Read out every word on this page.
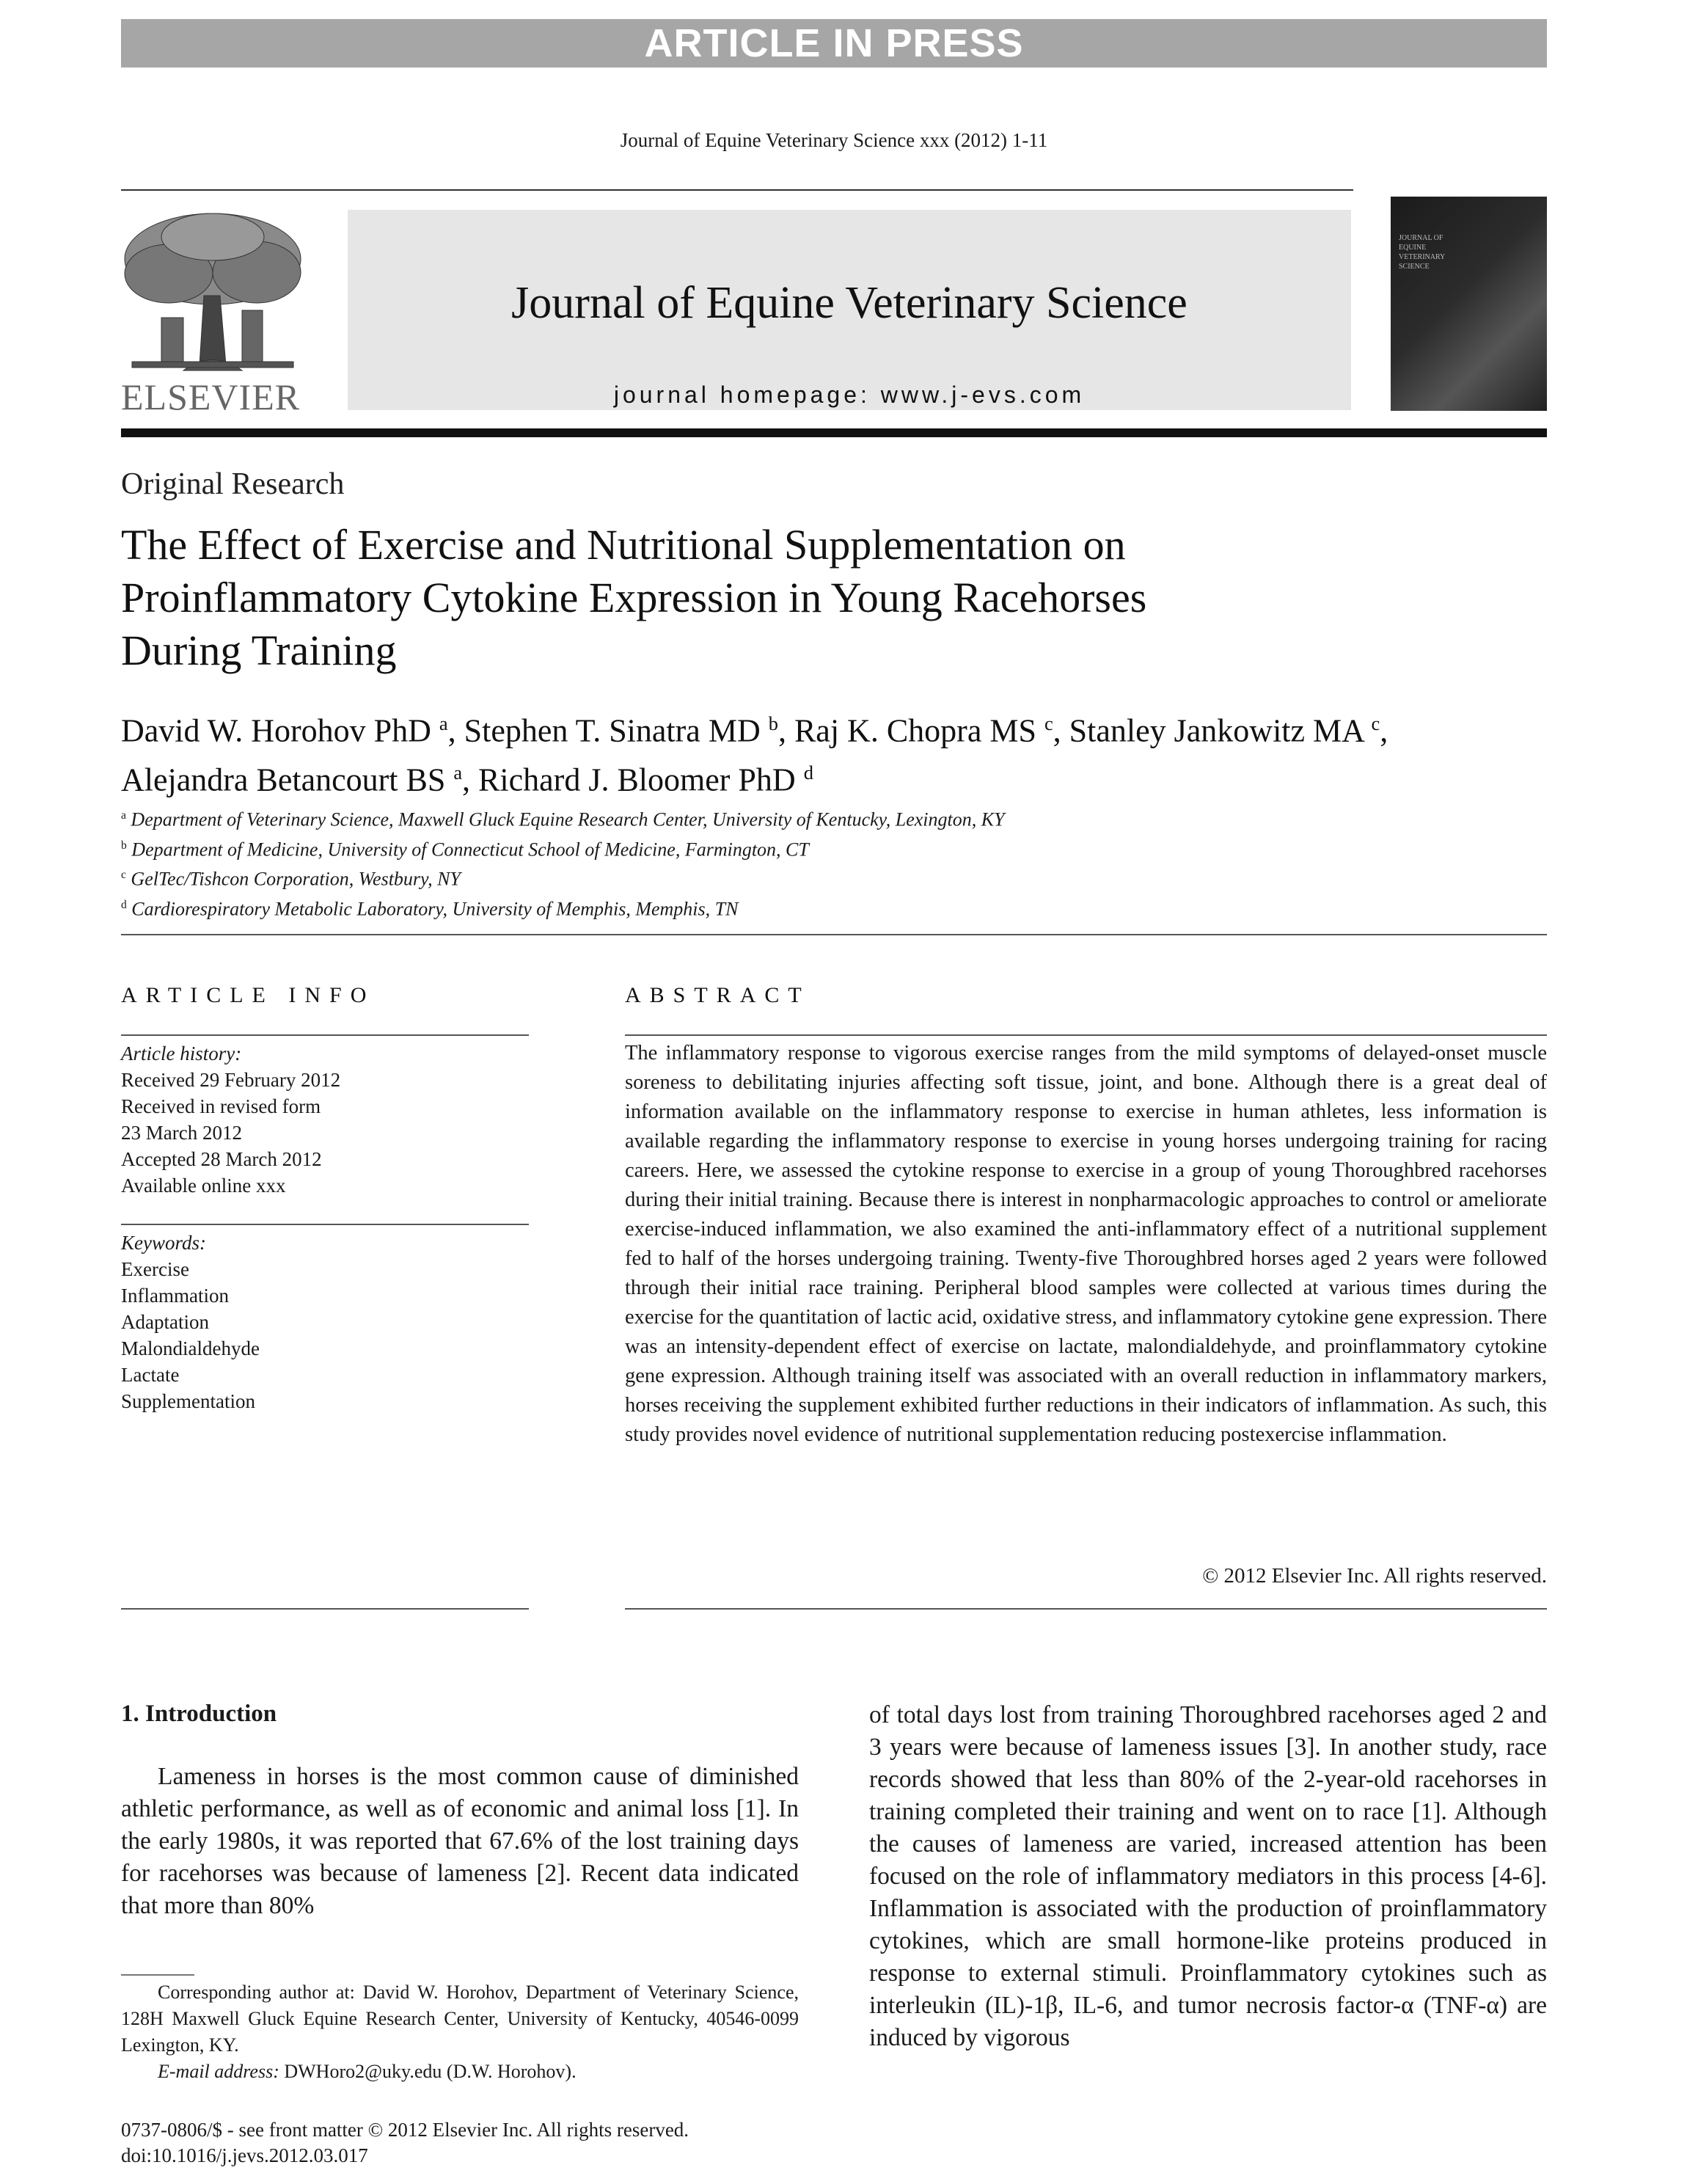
ARTICLE IN PRESS
Journal of Equine Veterinary Science xxx (2012) 1-11
ELSEVIER
Journal of Equine Veterinary Science
journal homepage: www.j-evs.com
JOURNAL OF EQUINE VETERINARY SCIENCE
Original Research
The Effect of Exercise and Nutritional Supplementation on
Proinflammatory Cytokine Expression in Young Racehorses
During Training
David W. Horohov PhD $^a$, Stephen T. Sinatra MD $^b$, Raj K. Chopra MS $^c$, Stanley Jankowitz MA $^c$,
Alejandra Betancourt BS $^a$, Richard J. Bloomer PhD $^d$
$^a$ Department of Veterinary Science, Maxwell Gluck Equine Research Center, University of Kentucky, Lexington, KY
$^b$ Department of Medicine, University of Connecticut School of Medicine, Farmington, CT
$^c$ GelTec/Tishcon Corporation, Westbury, NY
$^d$ Cardiorespiratory Metabolic Laboratory, University of Memphis, Memphis, TN
ARTICLE INFO	ABSTRACT
Article history:
Received 29 February 2012
Received in revised form
23 March 2012
Accepted 28 March 2012
Available online xxx
Keywords:
Exercise
Inflammation
Adaptation
Malondialdehyde
Lactate
Supplementation
The inflammatory response to vigorous exercise ranges from the mild symptoms of delayed-onset muscle soreness to debilitating injuries affecting soft tissue, joint, and bone. Although there is a great deal of information available on the inflammatory response to exercise in human athletes, less information is available regarding the inflammatory response to exercise in young horses undergoing training for racing careers. Here, we assessed the cytokine response to exercise in a group of young Thoroughbred racehorses during their initial training. Because there is interest in nonpharmacologic approaches to control or ameliorate exercise-induced inflammation, we also examined the anti-inflammatory effect of a nutritional supplement fed to half of the horses undergoing training. Twenty-five Thoroughbred horses aged 2 years were followed through their initial race training. Peripheral blood samples were collected at various times during the exercise for the quantitation of lactic acid, oxidative stress, and inflammatory cytokine gene expression. There was an intensity-dependent effect of exercise on lactate, malondialdehyde, and proinflammatory cytokine gene expression. Although training itself was associated with an overall reduction in inflammatory markers, horses receiving the supplement exhibited further reductions in their indicators of inflammation. As such, this study provides novel evidence of nutritional supplementation reducing postexercise inflammation.
© 2012 Elsevier Inc. All rights reserved.
1. Introduction
Lameness in horses is the most common cause of diminished athletic performance, as well as of economic and animal loss [1]. In the early 1980s, it was reported that 67.6% of the lost training days for racehorses was because of lameness [2]. Recent data indicated that more than 80%
of total days lost from training Thoroughbred racehorses aged 2 and 3 years were because of lameness issues [3]. In another study, race records showed that less than 80% of the 2-year-old racehorses in training completed their training and went on to race [1]. Although the causes of lameness are varied, increased attention has been focused on the role of inflammatory mediators in this process [4-6]. Inflammation is associated with the production of proinflammatory cytokines, which are small hormone-like proteins produced in response to external stimuli. Proinflammatory cytokines such as interleukin (IL)-1β, IL-6, and tumor necrosis factor-α (TNF-α) are induced by vigorous

Corresponding author at: David W. Horohov, Department of Veterinary Science, 128H Maxwell Gluck Equine Research Center, University of Kentucky, 40546-0099 Lexington, KY.

E-mail address: DWHoro2@uky.edu (D.W. Horohov).

0737-0806/$ - see front matter © 2012 Elsevier Inc. All rights reserved.
doi:10.1016/j.jevs.2012.03.017
